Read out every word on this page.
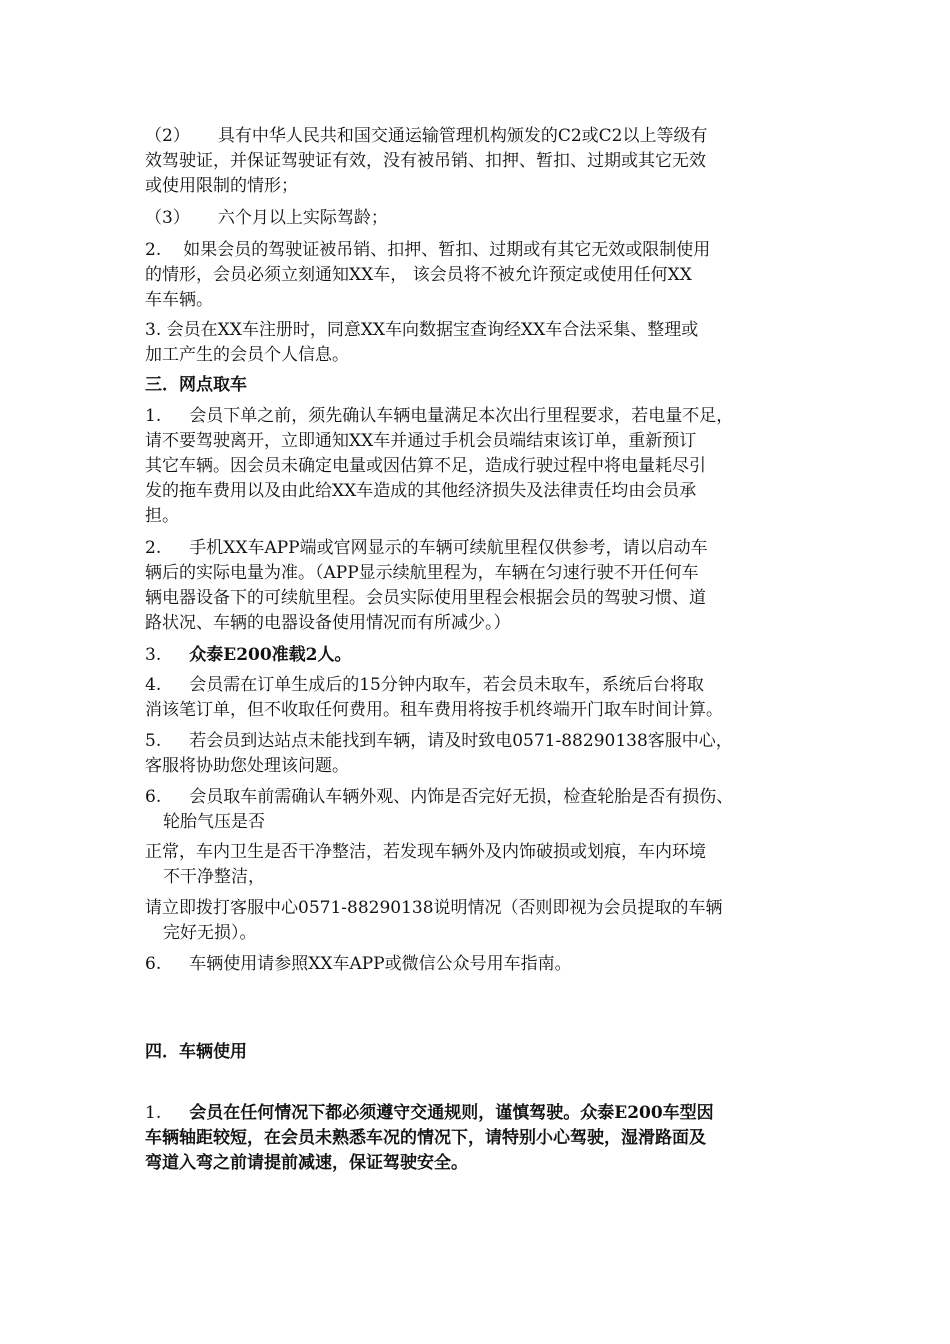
（2） 具有中华人民共和国交通运输管理机构颁发的C2或C2以上等级有
效驾驶证，并保证驾驶证有效，没有被吊销、扣押、暂扣、过期或其它无效
或使用限制的情形；
（3） 六个月以上实际驾龄；
2. 如果会员的驾驶证被吊销、扣押、暂扣、过期或有其它无效或限制使用
的情形，会员必须立刻通知XX车， 该会员将不被允许预定或使用任何XX
车车辆。
3. 会员在XX车注册时，同意XX车向数据宝查询经XX车合法采集、整理或
加工产生的会员个人信息。
三．网点取车
1. 会员下单之前，须先确认车辆电量满足本次出行里程要求，若电量不足，
请不要驾驶离开，立即通知XX车并通过手机会员端结束该订单，重新预订
其它车辆。因会员未确定电量或因估算不足，造成行驶过程中将电量耗尽引
发的拖车费用以及由此给XX车造成的其他经济损失及法律责任均由会员承
担。
2. 手机XX车APP端或官网显示的车辆可续航里程仅供参考，请以启动车
辆后的实际电量为准。（APP显示续航里程为，车辆在匀速行驶不开任何车
辆电器设备下的可续航里程。会员实际使用里程会根据会员的驾驶习惯、道
路状况、车辆的电器设备使用情况而有所减少。）
3. 众泰E200准载2人。
4. 会员需在订单生成后的15分钟内取车，若会员未取车，系统后台将取
消该笔订单，但不收取任何费用。租车费用将按手机终端开门取车时间计算。
5. 若会员到达站点未能找到车辆，请及时致电0571-88290138客服中心，
客服将协助您处理该问题。
6. 会员取车前需确认车辆外观、内饰是否完好无损，检查轮胎是否有损伤、
轮胎气压是否
正常，车内卫生是否干净整洁，若发现车辆外及内饰破损或划痕，车内环境
不干净整洁，
请立即拨打客服中心0571-88290138说明情况（否则即视为会员提取的车辆
完好无损）。
6. 车辆使用请参照XX车APP或微信公众号用车指南。
四．车辆使用
1. 会员在任何情况下都必须遵守交通规则，谨慎驾驶。众泰E200车型因
车辆轴距较短，在会员未熟悉车况的情况下，请特别小心驾驶，湿滑路面及
弯道入弯之前请提前减速，保证驾驶安全。
